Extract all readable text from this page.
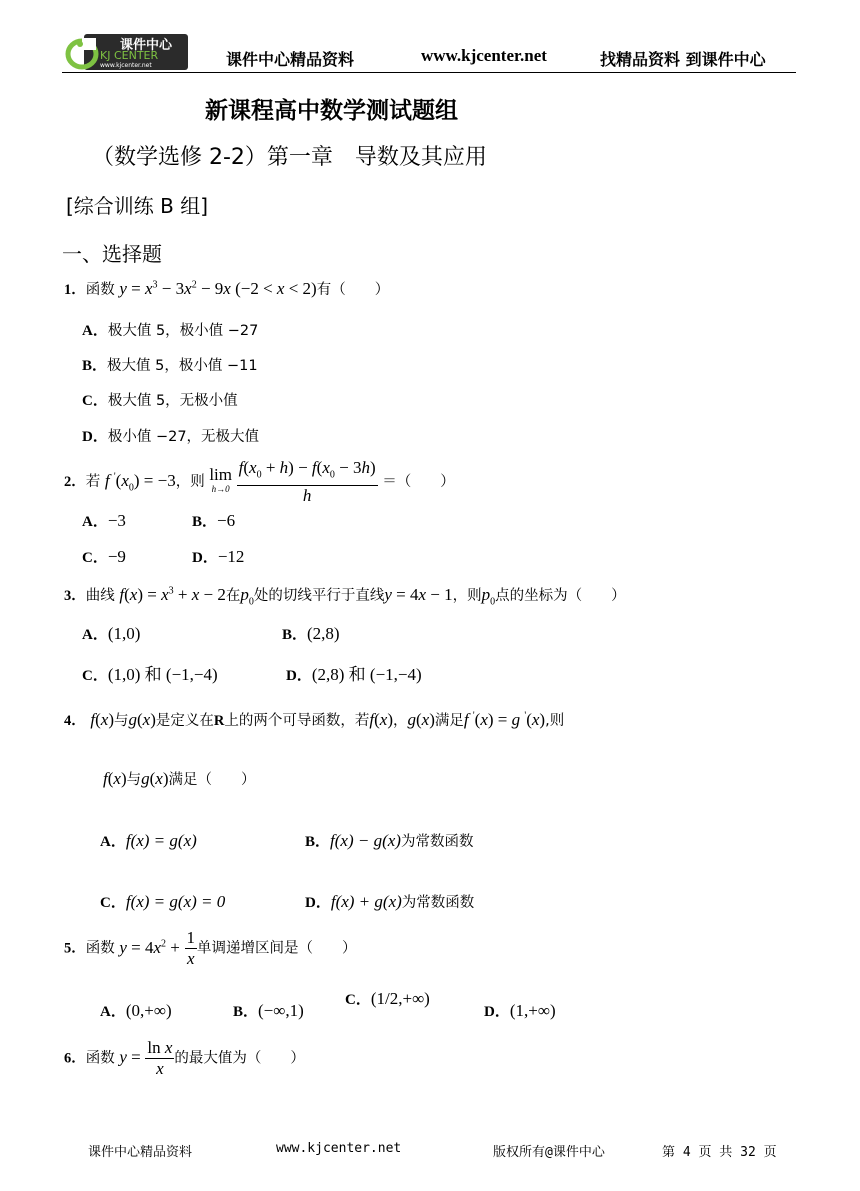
课件中心
KJ CENTER
www.kjcenter.net	课件中心精品资料	www.kjcenter.net	找精品资料 到课件中心
新课程高中数学测试题组
（数学选修 2-2）第一章　导数及其应用
[综合训练 B 组]
一、选择题
1．函数 $y = x^3 - 3x^2 - 9x$ (−2 < x < 2)有（　　）
A．极大值 5，极小值 −27
B．极大值 5，极小值 −11
C．极大值 5，无极小值
D．极小值 −27，无极大值
2．若 f $'(x_0) = -3$，则 lim
h→0
$\frac{f(x_0 + h) - f(x_0 - 3h)}{h}$ ＝（　　）
A．−3	B．−6
C．−9	D．−12
3．曲线 $f(x) = x^3 + x - 2$在$p_0$处的切线平行于直线y = 4x − 1，则$p_0$点的坐标为（　　）
A．(1,0)	B．(2,8)
C．(1,0) 和 (−1,−4)	D．(2,8) 和 (−1,−4)
4． f(x)与g(x)是定义在R上的两个可导函数，若f(x)，g(x)满足f '(x) = g '(x),则
f(x)与g(x)满足（　　）
A．f(x) = g(x)	B．f(x) − g(x)为常数函数
C．f(x) = g(x) = 0	D．f(x) + g(x)为常数函数
5．函数 $y = 4x^2 + \frac{1}{x}$ 单调递增区间是（　　）
A．(0,+∞)	B．(−∞,1)
C．(1/2,+∞)
D．(1,+∞)
6．函数 $y = \frac{\text{ln x}}{x}$ 的最大值为（　　）
课件中心精品资料	www.kjcenter.net	版权所有@课件中心	第 4 页 共 32 页
